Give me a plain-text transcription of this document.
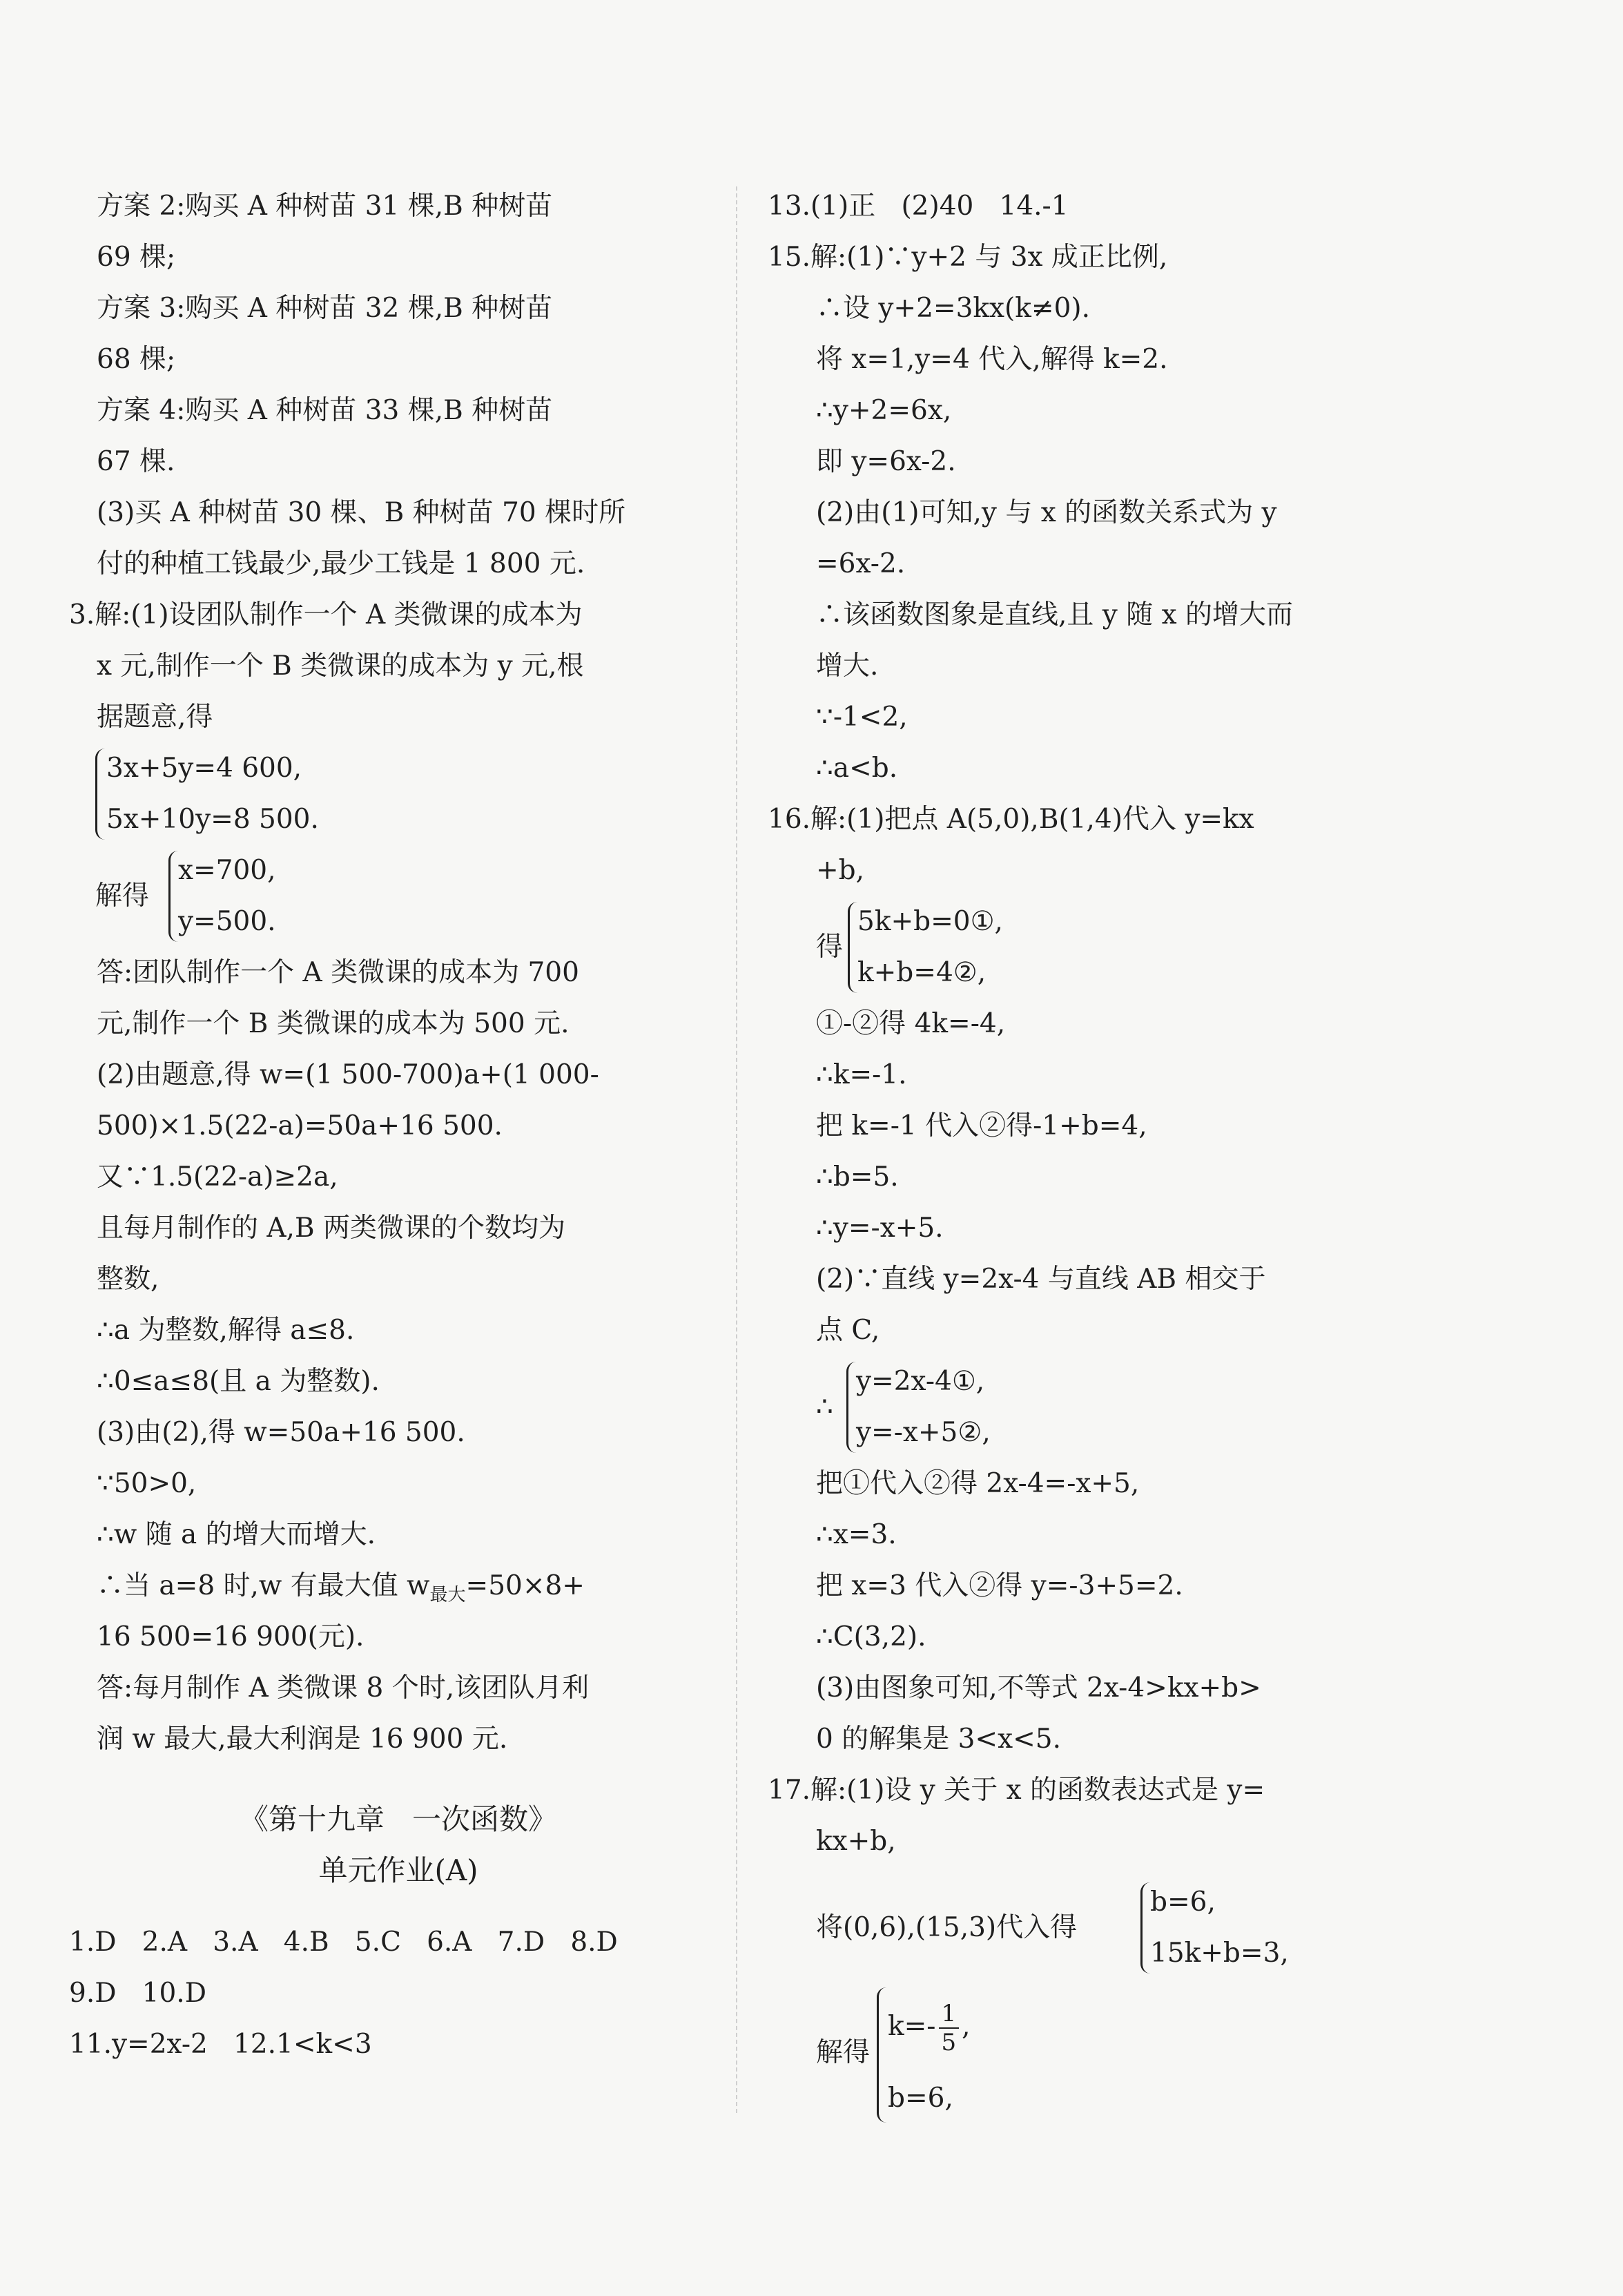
方案 2:购买 A 种树苗 31 棵,B 种树苗
69 棵;
方案 3:购买 A 种树苗 32 棵,B 种树苗
68 棵;
方案 4:购买 A 种树苗 33 棵,B 种树苗
67 棵.
(3)买 A 种树苗 30 棵、B 种树苗 70 棵时所
付的种植工钱最少,最少工钱是 1 800 元.
3.解:(1)设团队制作一个 A 类微课的成本为
x 元,制作一个 B 类微课的成本为 y 元,根
据题意,得
3x+5y=4 600,
5x+10y=8 500.
解得
x=700,
y=500.
答:团队制作一个 A 类微课的成本为 700
元,制作一个 B 类微课的成本为 500 元.
(2)由题意,得 w=(1 500-700)a+(1 000-
500)×1.5(22-a)=50a+16 500.
又∵1.5(22-a)≥2a,
且每月制作的 A,B 两类微课的个数均为
整数,
∴a 为整数,解得 a≤8.
∴0≤a≤8(且 a 为整数).
(3)由(2),得 w=50a+16 500.
∵50>0,
∴w 随 a 的增大而增大.
∴当 a=8 时,w 有最大值 $w_{最大}=50\times 8+$
16 500=16 900(元).
答:每月制作 A 类微课 8 个时,该团队月利
润 w 最大,最大利润是 16 900 元.
《第十九章   一次函数》
单元作业(A)
1.D   2.A   3.A   4.B   5.C   6.A   7.D   8.D
9.D   10.D
11.y=2x-2   12.1<k<3
13.(1)正   (2)40   14.-1
15.解:(1)∵y+2 与 3x 成正比例,
∴设 y+2=3kx(k≠0).
将 x=1,y=4 代入,解得 k=2.
∴y+2=6x,
即 y=6x-2.
(2)由(1)可知,y 与 x 的函数关系式为 y
=6x-2.
∴该函数图象是直线,且 y 随 x 的增大而
增大.
∵-1<2,
∴a<b.
16.解:(1)把点 A(5,0),B(1,4)代入 y=kx
+b,
得
5k+b=0①,
k+b=4②,
①-②得 4k=-4,
∴k=-1.
把 k=-1 代入②得-1+b=4,
∴b=5.
∴y=-x+5.
(2)∵直线 y=2x-4 与直线 AB 相交于
点 C,
∴
y=2x-4①,
y=-x+5②,
把①代入②得 2x-4=-x+5,
∴x=3.
把 x=3 代入②得 y=-3+5=2.
∴C(3,2).
(3)由图象可知,不等式 2x-4>kx+b>
0 的解集是 3<x<5.
17.解:(1)设 y 关于 x 的函数表达式是 y=
kx+b,
将(0,6),(15,3)代入得
b=6,
15k+b=3,
解得
$k=- \frac{1}{5}$ ,
b=6,
